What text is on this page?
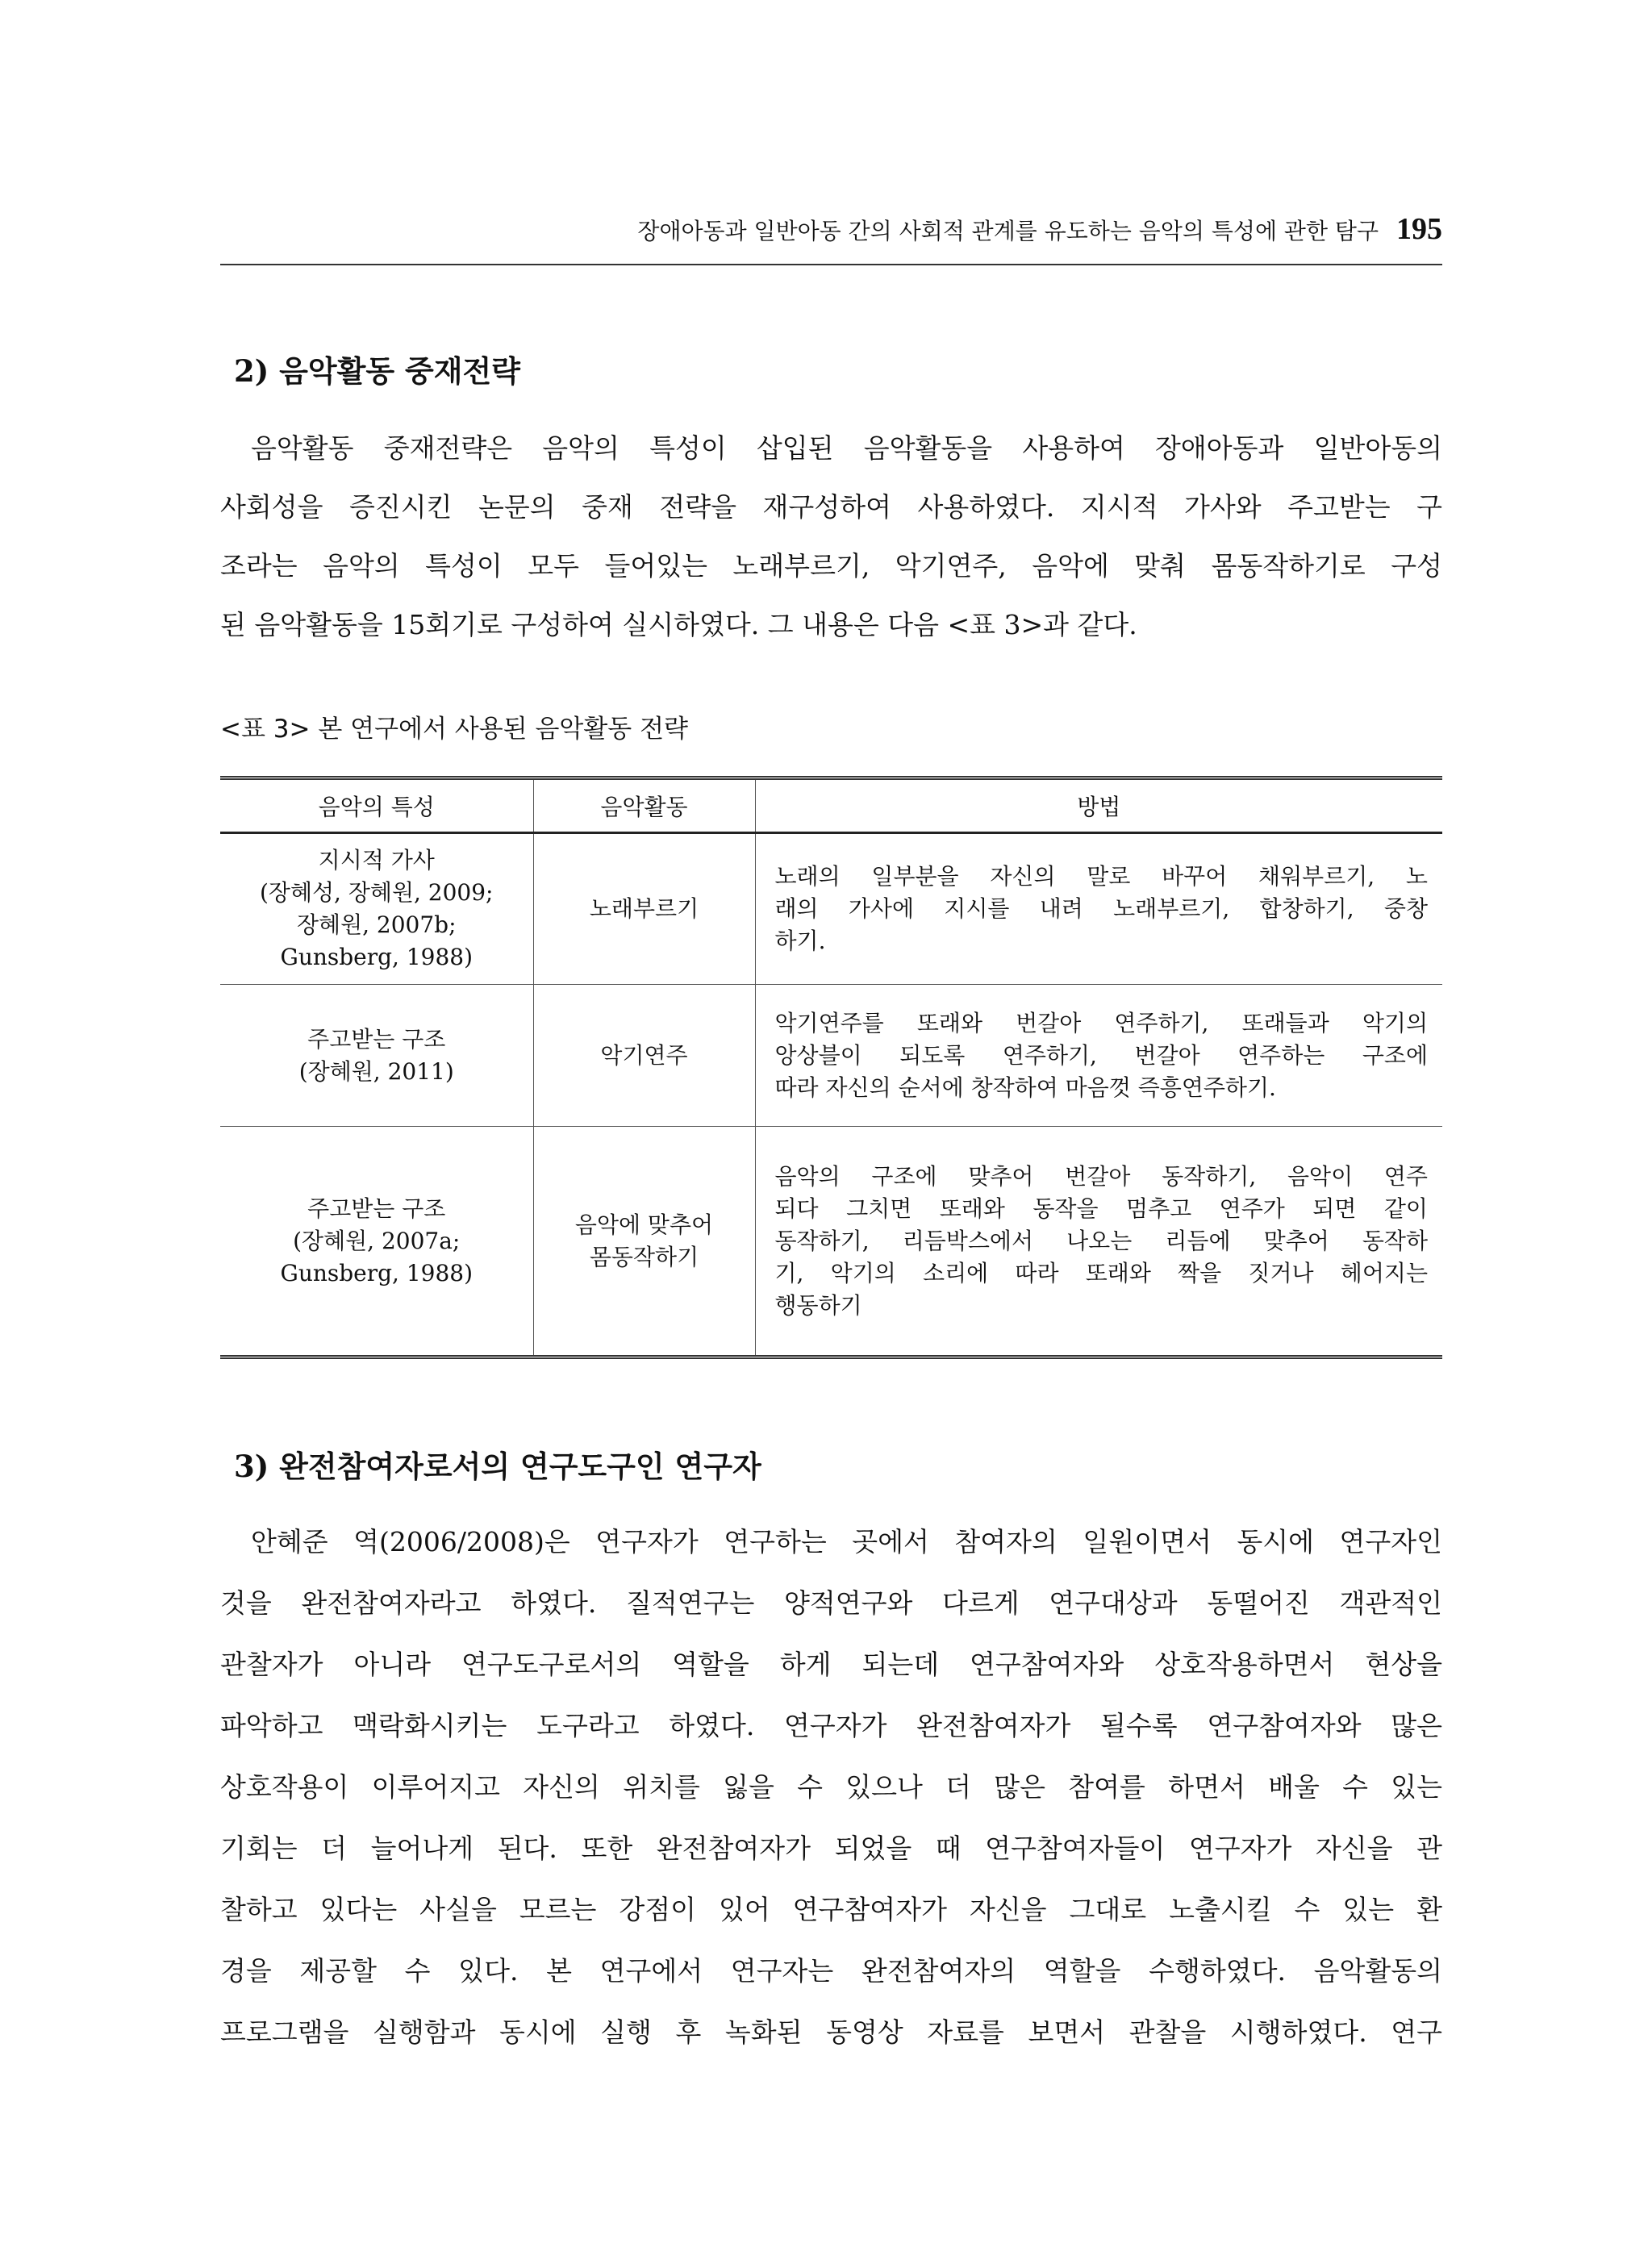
장애아동과 일반아동 간의 사회적 관계를 유도하는 음악의 특성에 관한 탐구 195
2) 음악활동 중재전략
음악활동 중재전략은 음악의 특성이 삽입된 음악활동을 사용하여 장애아동과 일반아동의
사회성을 증진시킨 논문의 중재 전략을 재구성하여 사용하였다. 지시적 가사와 주고받는 구
조라는 음악의 특성이 모두 들어있는 노래부르기, 악기연주, 음악에 맞춰 몸동작하기로 구성
된 음악활동을 15회기로 구성하여 실시하였다. 그 내용은 다음 <표 3>과 같다.
<표 3> 본 연구에서 사용된 음악활동 전략
음악의 특성	음악활동	방법

지시적 가사
(장혜성, 장혜원, 2009;
장혜원, 2007b;
Gunsberg, 1988)	노래부르기	노래의 일부분을 자신의 말로 바꾸어 채워부르기, 노
래의 가사에 지시를 내려 노래부르기, 합창하기, 중창
하기.

주고받는 구조
(장혜원, 2011)	악기연주	악기연주를 또래와 번갈아 연주하기, 또래들과 악기의
앙상블이 되도록 연주하기, 번갈아 연주하는 구조에
따라 자신의 순서에 창작하여 마음껏 즉흥연주하기.

주고받는 구조
(장혜원, 2007a;
Gunsberg, 1988)	음악에 맞추어
몸동작하기	음악의 구조에 맞추어 번갈아 동작하기, 음악이 연주
되다 그치면 또래와 동작을 멈추고 연주가 되면 같이
동작하기, 리듬박스에서 나오는 리듬에 맞추어 동작하
기, 악기의 소리에 따라 또래와 짝을 짓거나 헤어지는
행동하기
3) 완전참여자로서의 연구도구인 연구자
안혜준 역(2006/2008)은 연구자가 연구하는 곳에서 참여자의 일원이면서 동시에 연구자인
것을 완전참여자라고 하였다. 질적연구는 양적연구와 다르게 연구대상과 동떨어진 객관적인
관찰자가 아니라 연구도구로서의 역할을 하게 되는데 연구참여자와 상호작용하면서 현상을
파악하고 맥락화시키는 도구라고 하였다. 연구자가 완전참여자가 될수록 연구참여자와 많은
상호작용이 이루어지고 자신의 위치를 잃을 수 있으나 더 많은 참여를 하면서 배울 수 있는
기회는 더 늘어나게 된다. 또한 완전참여자가 되었을 때 연구참여자들이 연구자가 자신을 관
찰하고 있다는 사실을 모르는 강점이 있어 연구참여자가 자신을 그대로 노출시킬 수 있는 환
경을 제공할 수 있다. 본 연구에서 연구자는 완전참여자의 역할을 수행하였다. 음악활동의
프로그램을 실행함과 동시에 실행 후 녹화된 동영상 자료를 보면서 관찰을 시행하였다. 연구
